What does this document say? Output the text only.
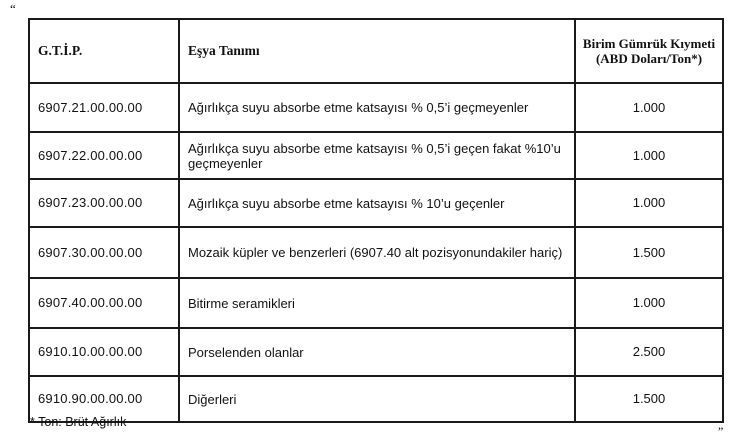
“
G.T.İ.P.	Eşya Tanımı	Birim Gümrük Kıymeti (ABD Doları/Ton*)
6907.21.00.00.00	Ağırlıkça suyu absorbe etme katsayısı % 0,5’i geçmeyenler	1.000
6907.22.00.00.00	Ağırlıkça suyu absorbe etme katsayısı % 0,5’i geçen fakat %10’u geçmeyenler	1.000
6907.23.00.00.00	Ağırlıkça suyu absorbe etme katsayısı % 10’u geçenler	1.000
6907.30.00.00.00	Mozaik küpler ve benzerleri (6907.40 alt pozisyonundakiler hariç)	1.500
6907.40.00.00.00	Bitirme seramikleri	1.000
6910.10.00.00.00	Porselenden olanlar	2.500
6910.90.00.00.00	Diğerleri	1.500
* Ton: Brüt Ağırlık
”
